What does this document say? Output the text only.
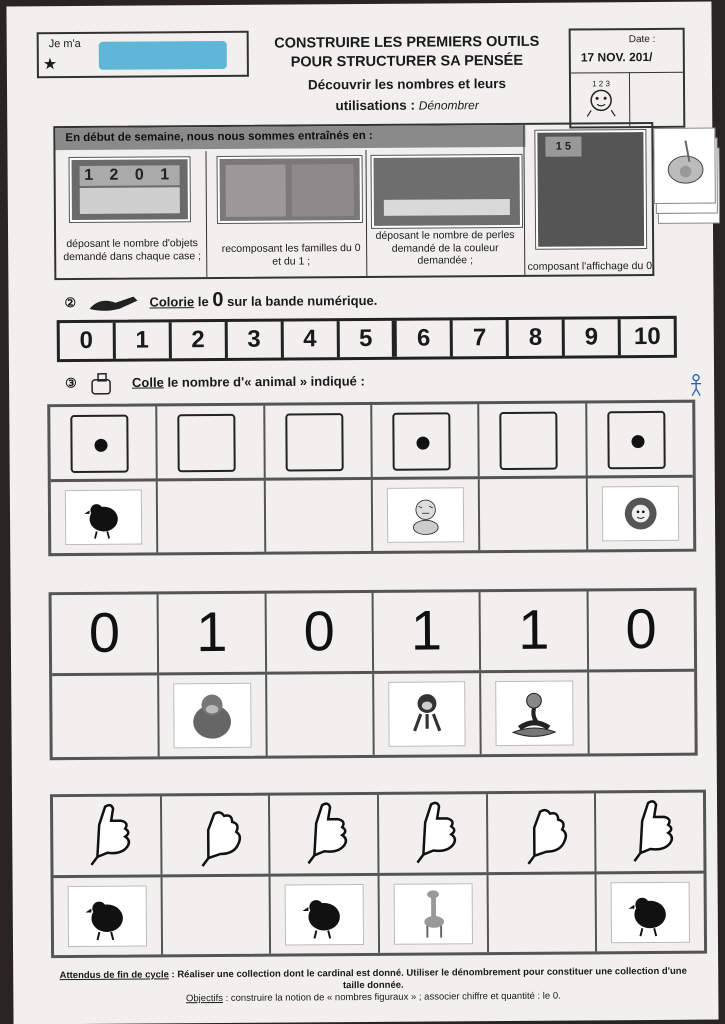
Je m'a
★
CONSTRUIRE LES PREMIERS OUTILS
POUR STRUCTURER SA PENSÉE
Découvrir les nombres et leurs
utilisations : Dénombrer
Date :
17 NOV. 201/
1 2 3
En début de semaine, nous nous sommes entraînés en :
1 2 0 1
1 5
déposant le nombre d'objets demandé dans chaque case ;
recomposant les familles du 0 et du 1 ;
déposant le nombre de perles demandé de la couleur demandée ;	composant l'affichage du 0.
②	Colorie le 0 sur la bande numérique.
0	1	2	3	4	5	6	7	8	9	10
③	Colle le nombre d'« animal » indiqué :
0	1	0	1	1	0
Attendus de fin de cycle : Réaliser une collection dont le cardinal est donné. Utiliser le dénombrement pour constituer une collection d'une taille donnée.
Objectifs : construire la notion de « nombres figuraux » ; associer chiffre et quantité : le 0.
